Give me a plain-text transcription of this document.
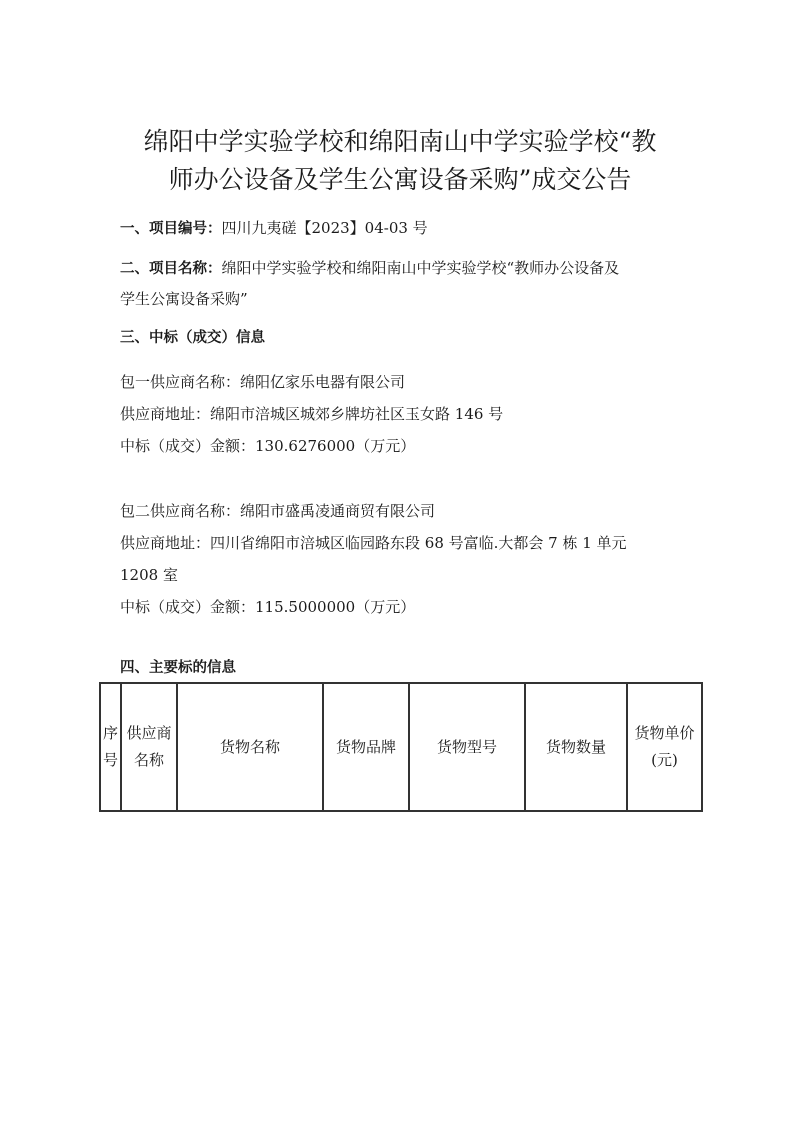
绵阳中学实验学校和绵阳南山中学实验学校“教
师办公设备及学生公寓设备采购”成交公告
一、项目编号：四川九夷磋【2023】04-03 号
二、项目名称：绵阳中学实验学校和绵阳南山中学实验学校“教师办公设备及
学生公寓设备采购”
三、中标（成交）信息
包一供应商名称：绵阳亿家乐电器有限公司
供应商地址：绵阳市涪城区城郊乡牌坊社区玉女路 146 号
中标（成交）金额：130.6276000（万元）
包二供应商名称：绵阳市盛禹凌通商贸有限公司
供应商地址：四川省绵阳市涪城区临园路东段 68 号富临.大都会 7 栋 1 单元
1208 室
中标（成交）金额：115.5000000（万元）
四、主要标的信息
序
号	供应商
名称	货物名称	货物品牌	货物型号	货物数量	货物单价
(元)
